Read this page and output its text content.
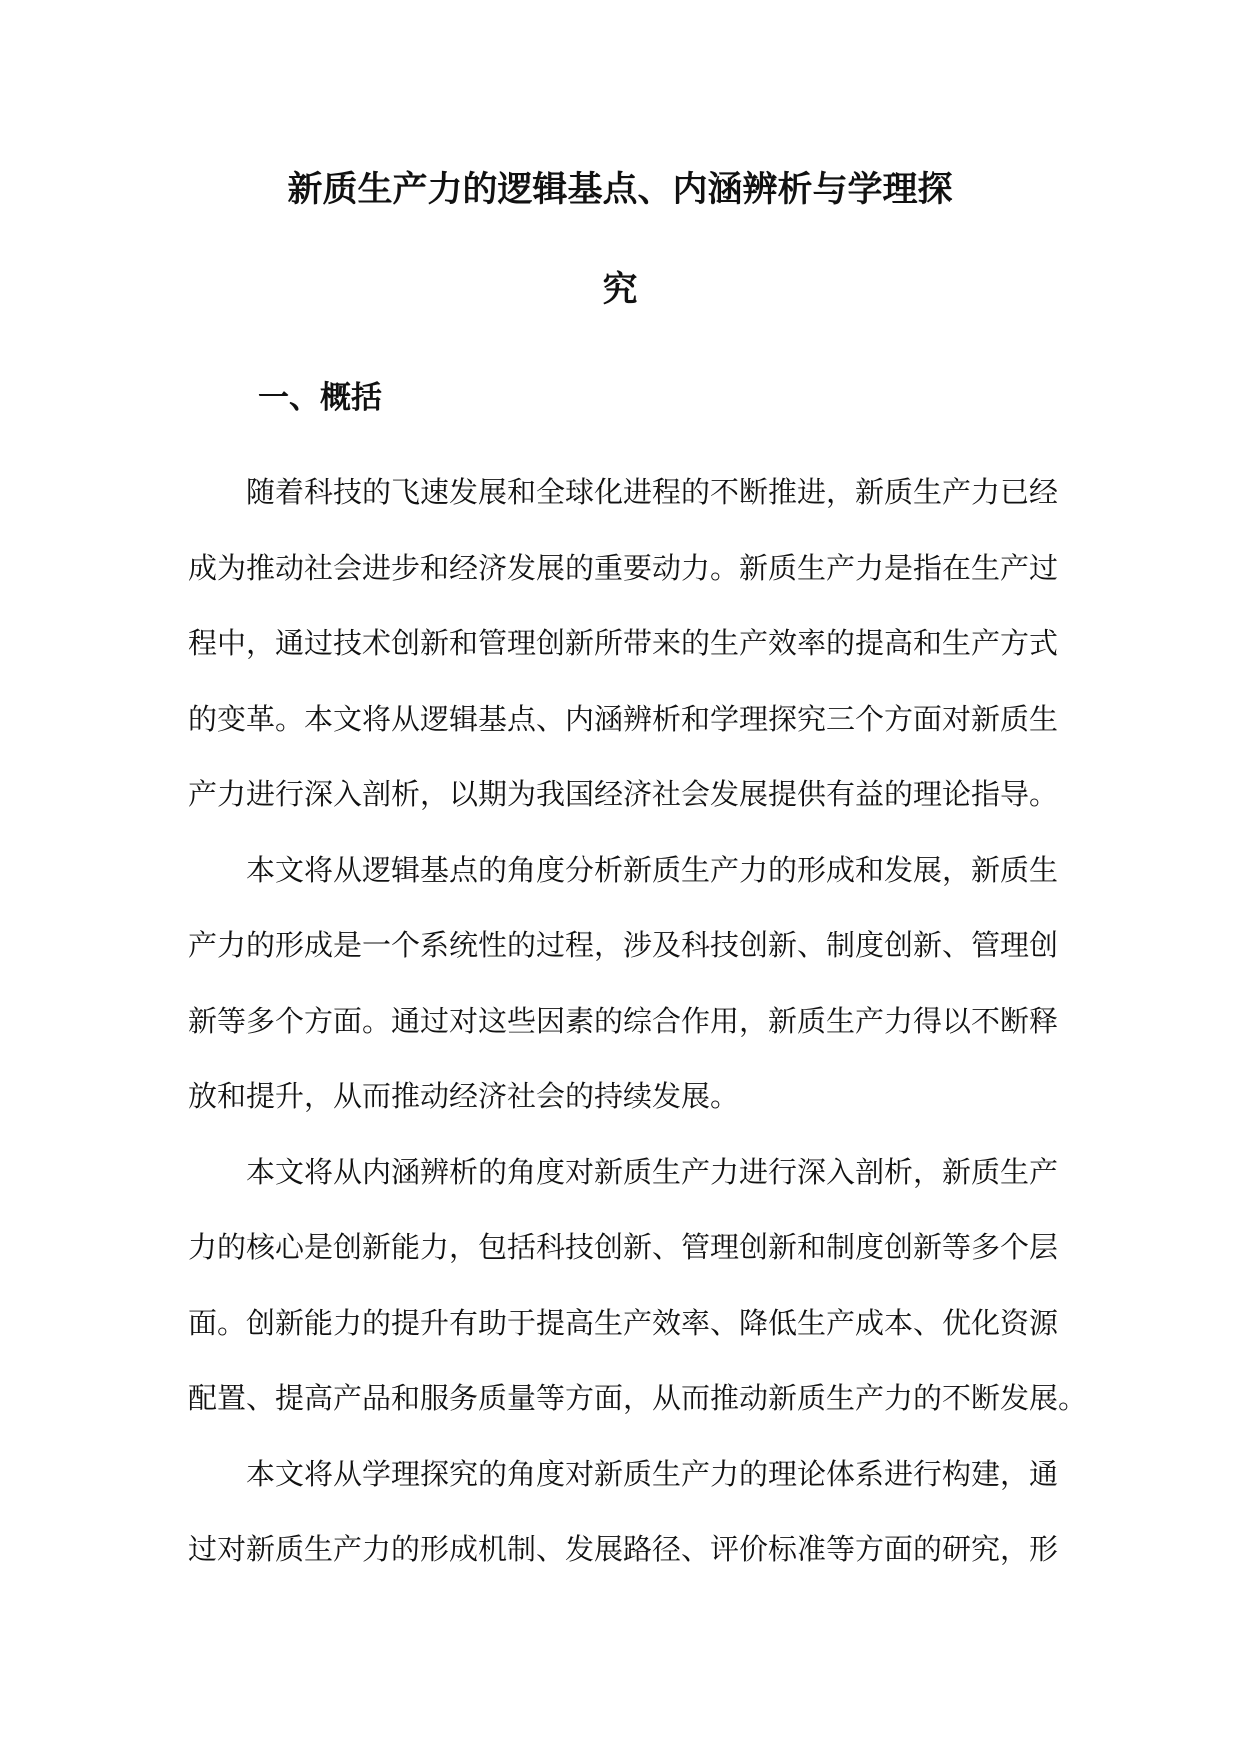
新质生产力的逻辑基点、内涵辨析与学理探
究
一、概括
随着科技的飞速发展和全球化进程的不断推进，新质生产力已经
成为推动社会进步和经济发展的重要动力。新质生产力是指在生产过
程中，通过技术创新和管理创新所带来的生产效率的提高和生产方式
的变革。本文将从逻辑基点、内涵辨析和学理探究三个方面对新质生
产力进行深入剖析，以期为我国经济社会发展提供有益的理论指导。
本文将从逻辑基点的角度分析新质生产力的形成和发展，新质生
产力的形成是一个系统性的过程，涉及科技创新、制度创新、管理创
新等多个方面。通过对这些因素的综合作用，新质生产力得以不断释
放和提升，从而推动经济社会的持续发展。
本文将从内涵辨析的角度对新质生产力进行深入剖析，新质生产
力的核心是创新能力，包括科技创新、管理创新和制度创新等多个层
面。创新能力的提升有助于提高生产效率、降低生产成本、优化资源
配置、提高产品和服务质量等方面，从而推动新质生产力的不断发展。
本文将从学理探究的角度对新质生产力的理论体系进行构建，通
过对新质生产力的形成机制、发展路径、评价标准等方面的研究，形
